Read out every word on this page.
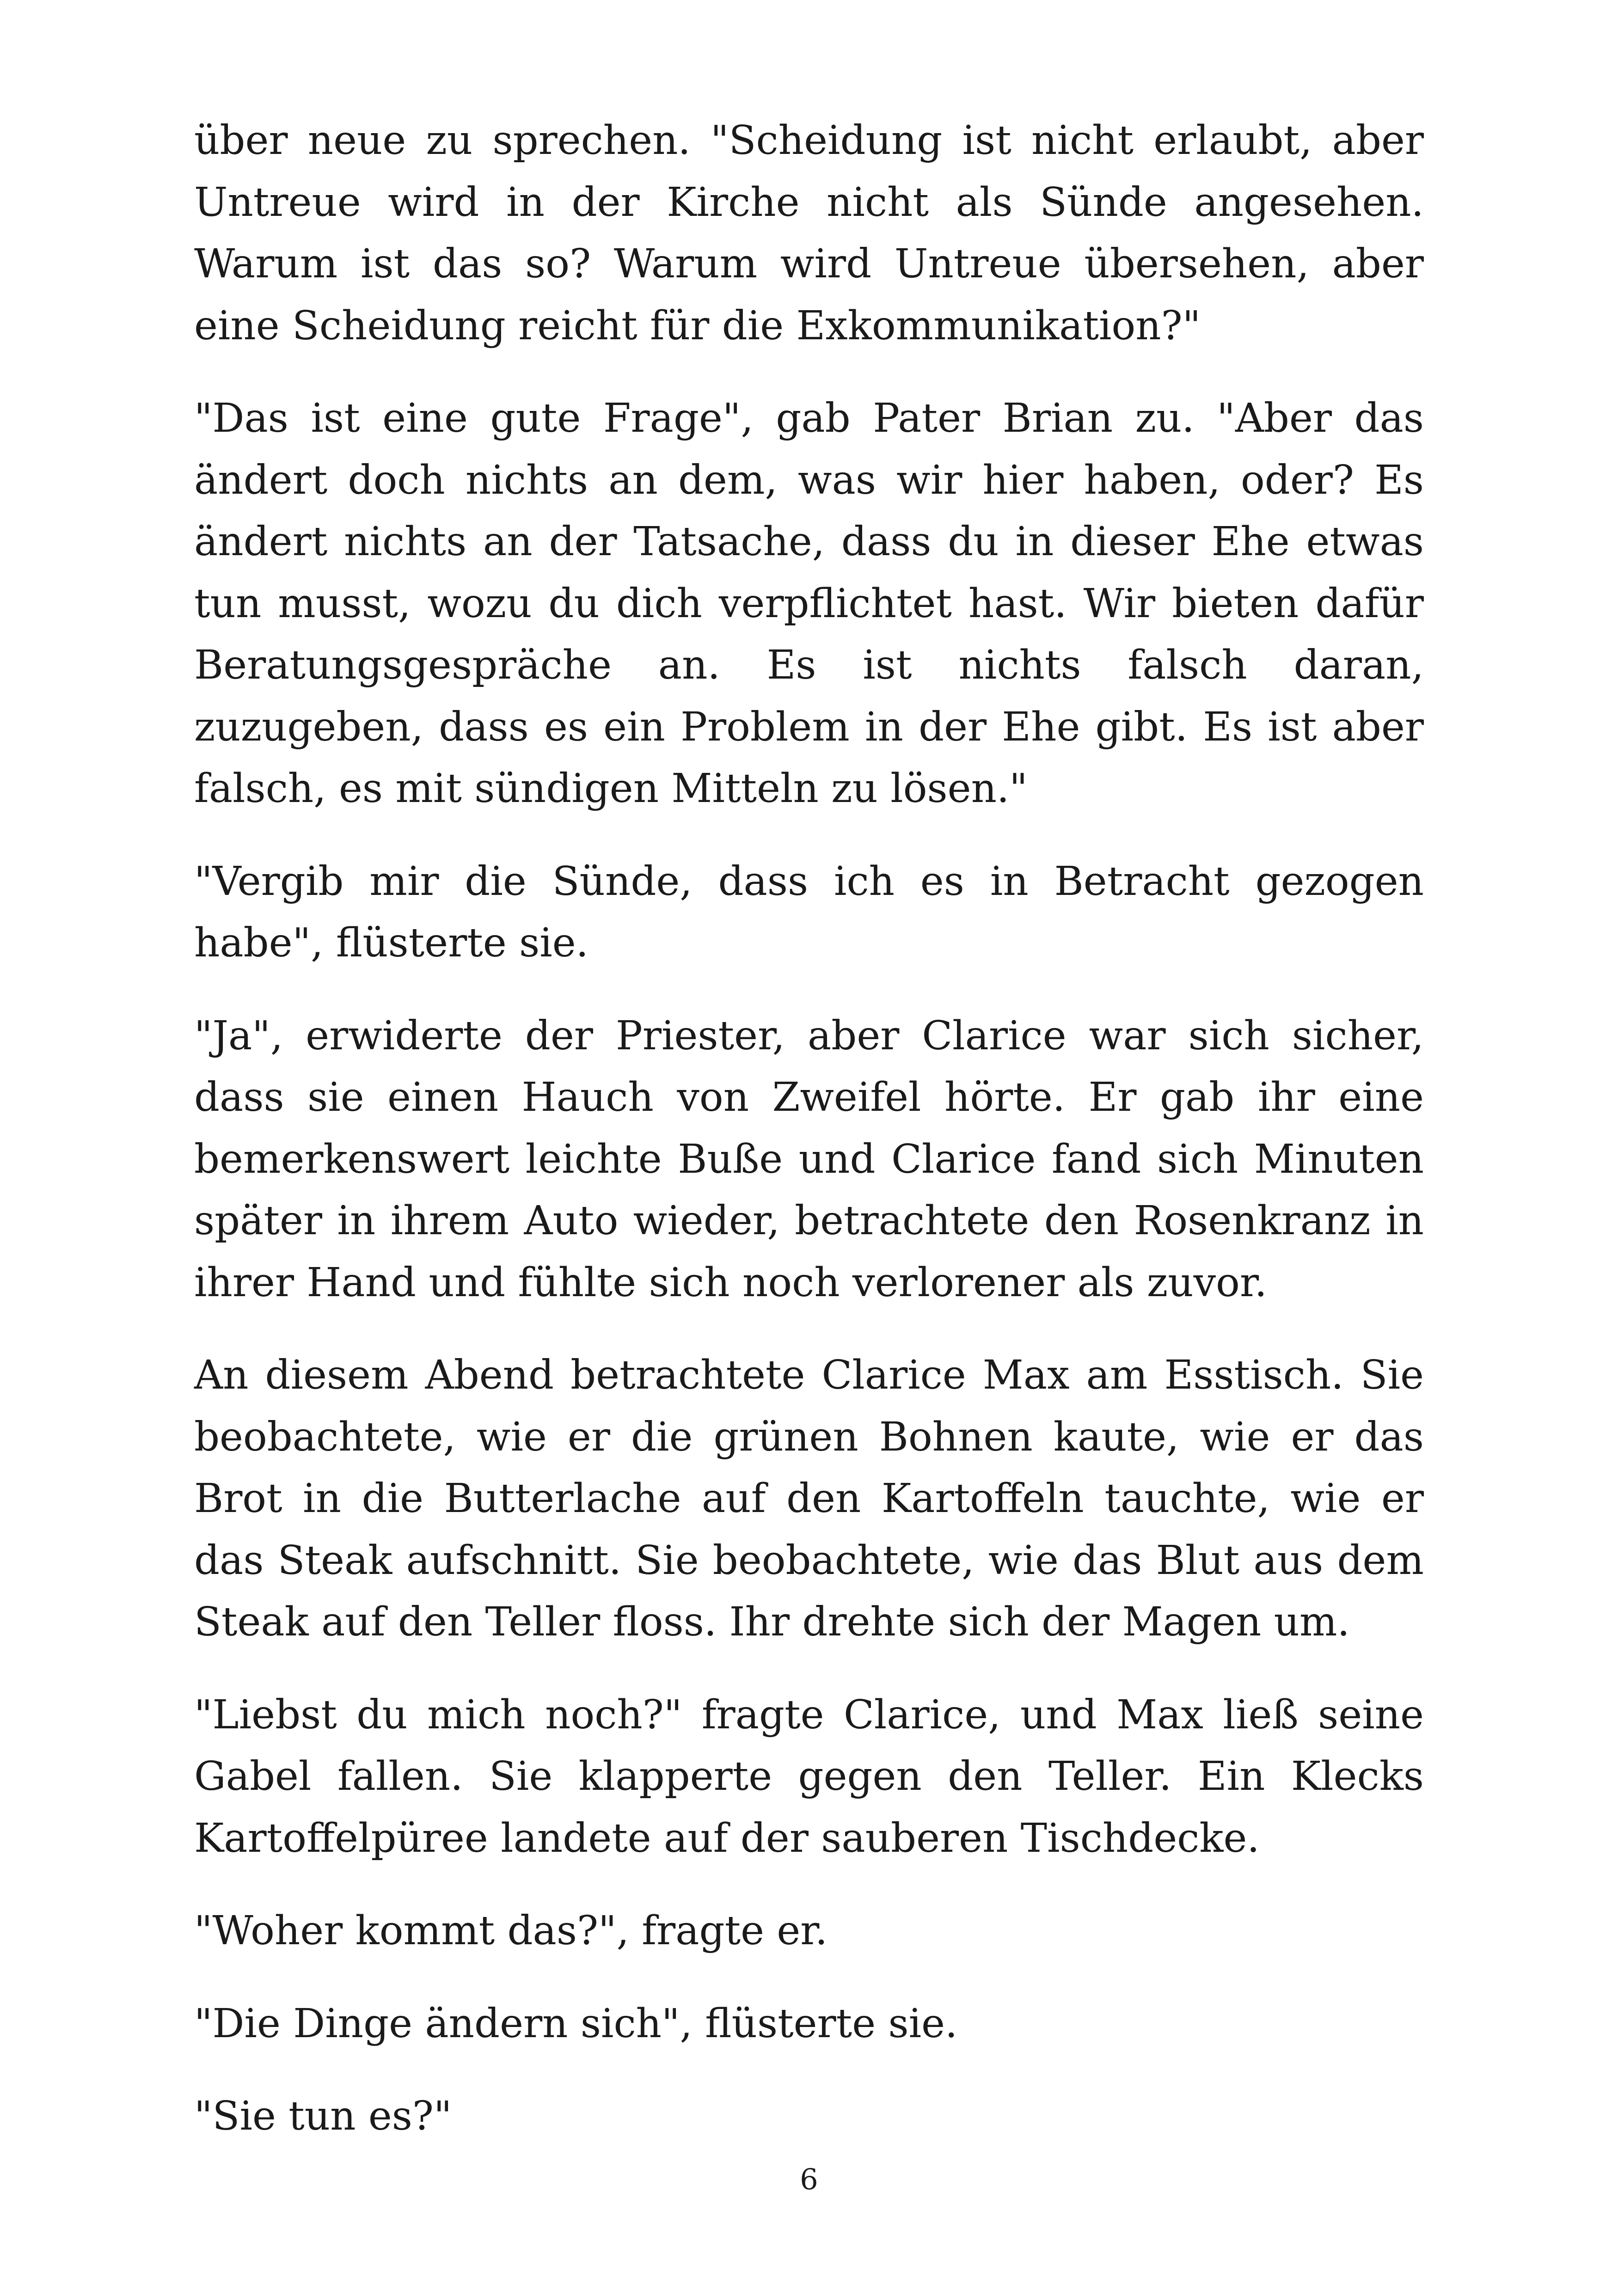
über neue zu sprechen. "Scheidung ist nicht erlaubt, aber Untreue wird in der Kirche nicht als Sünde angesehen. Warum ist das so? Warum wird Untreue übersehen, aber eine Scheidung reicht für die Exkommunikation?"

"Das ist eine gute Frage", gab Pater Brian zu. "Aber das ändert doch nichts an dem, was wir hier haben, oder? Es ändert nichts an der Tatsache, dass du in dieser Ehe etwas tun musst, wozu du dich verpflichtet hast. Wir bieten dafür Beratungsgespräche an. Es ist nichts falsch daran, zuzugeben, dass es ein Problem in der Ehe gibt. Es ist aber falsch, es mit sündigen Mitteln zu lösen."

"Vergib mir die Sünde, dass ich es in Betracht gezogen habe", flüsterte sie.

"Ja", erwiderte der Priester, aber Clarice war sich sicher, dass sie einen Hauch von Zweifel hörte. Er gab ihr eine bemerkenswert leichte Buße und Clarice fand sich Minuten später in ihrem Auto wieder, betrachtete den Rosenkranz in ihrer Hand und fühlte sich noch verlorener als zuvor.

An diesem Abend betrachtete Clarice Max am Esstisch. Sie beobachtete, wie er die grünen Bohnen kaute, wie er das Brot in die Butterlache auf den Kartoffeln tauchte, wie er das Steak aufschnitt. Sie beobachtete, wie das Blut aus dem Steak auf den Teller floss. Ihr drehte sich der Magen um.

"Liebst du mich noch?" fragte Clarice, und Max ließ seine Gabel fallen. Sie klapperte gegen den Teller. Ein Klecks Kartoffelpüree landete auf der sauberen Tischdecke.

"Woher kommt das?", fragte er.

"Die Dinge ändern sich", flüsterte sie.

"Sie tun es?"

6
